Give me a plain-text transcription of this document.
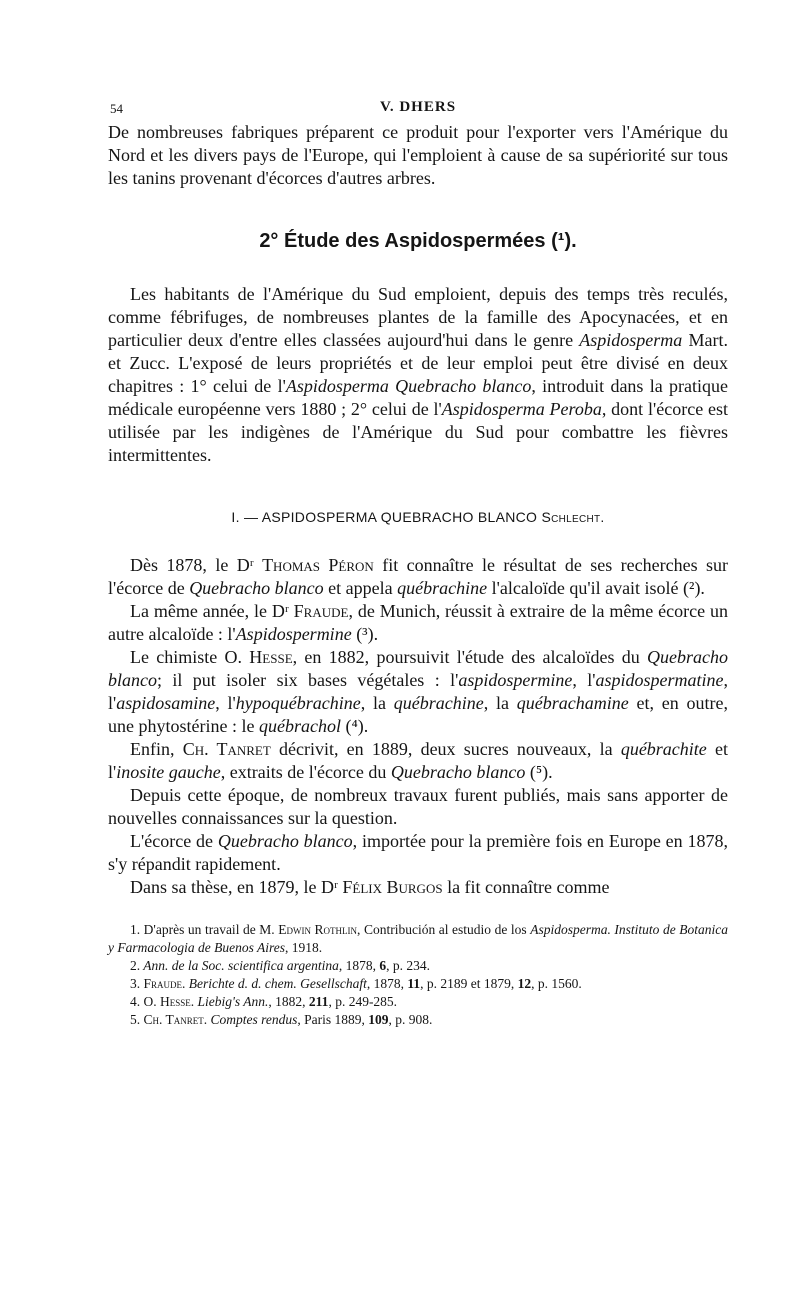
54	V. DHERS

De nombreuses fabriques préparent ce produit pour l'exporter vers l'Amérique du Nord et les divers pays de l'Europe, qui l'emploient à cause de sa supériorité sur tous les tanins provenant d'écorces d'autres arbres.

2° Étude des Aspidospermées (¹).

Les habitants de l'Amérique du Sud emploient, depuis des temps très reculés, comme fébrifuges, de nombreuses plantes de la famille des Apocynacées, et en particulier deux d'entre elles classées aujourd'hui dans le genre Aspidosperma Mart. et Zucc. L'exposé de leurs propriétés et de leur emploi peut être divisé en deux chapitres : 1° celui de l'Aspidosperma Quebracho blanco, introduit dans la pratique médicale européenne vers 1880 ; 2° celui de l'Aspidosperma Peroba, dont l'écorce est utilisée par les indigènes de l'Amérique du Sud pour combattre les fièvres intermittentes.

I. — ASPIDOSPERMA QUEBRACHO BLANCO Schlecht.

Dès 1878, le Dʳ Thomas Péron fit connaître le résultat de ses recherches sur l'écorce de Quebracho blanco et appela québrachine l'alcaloïde qu'il avait isolé (²).

La même année, le Dʳ Fraude, de Munich, réussit à extraire de la même écorce un autre alcaloïde : l'Aspidospermine (³).

Le chimiste O. Hesse, en 1882, poursuivit l'étude des alcaloïdes du Quebracho blanco; il put isoler six bases végétales : l'aspidospermine, l'aspidospermatine, l'aspidosamine, l'hypoquébrachine, la québrachine, la québrachamine et, en outre, une phytostérine : le québrachol (⁴).

Enfin, Ch. Tanret décrivit, en 1889, deux sucres nouveaux, la québrachite et l'inosite gauche, extraits de l'écorce du Quebracho blanco (⁵).

Depuis cette époque, de nombreux travaux furent publiés, mais sans apporter de nouvelles connaissances sur la question.

L'écorce de Quebracho blanco, importée pour la première fois en Europe en 1878, s'y répandit rapidement.

Dans sa thèse, en 1879, le Dʳ Félix Burgos la fit connaître comme

1. D'après un travail de M. Edwin Rothlin, Contribución al estudio de los Aspidosperma. Instituto de Botanica y Farmacologia de Buenos Aires, 1918.

2. Ann. de la Soc. scientifica argentina, 1878, 6, p. 234.

3. Fraude. Berichte d. d. chem. Gesellschaft, 1878, 11, p. 2189 et 1879, 12, p. 1560.

4. O. Hesse. Liebig's Ann., 1882, 211, p. 249-285.

5. Ch. Tanret. Comptes rendus, Paris 1889, 109, p. 908.
